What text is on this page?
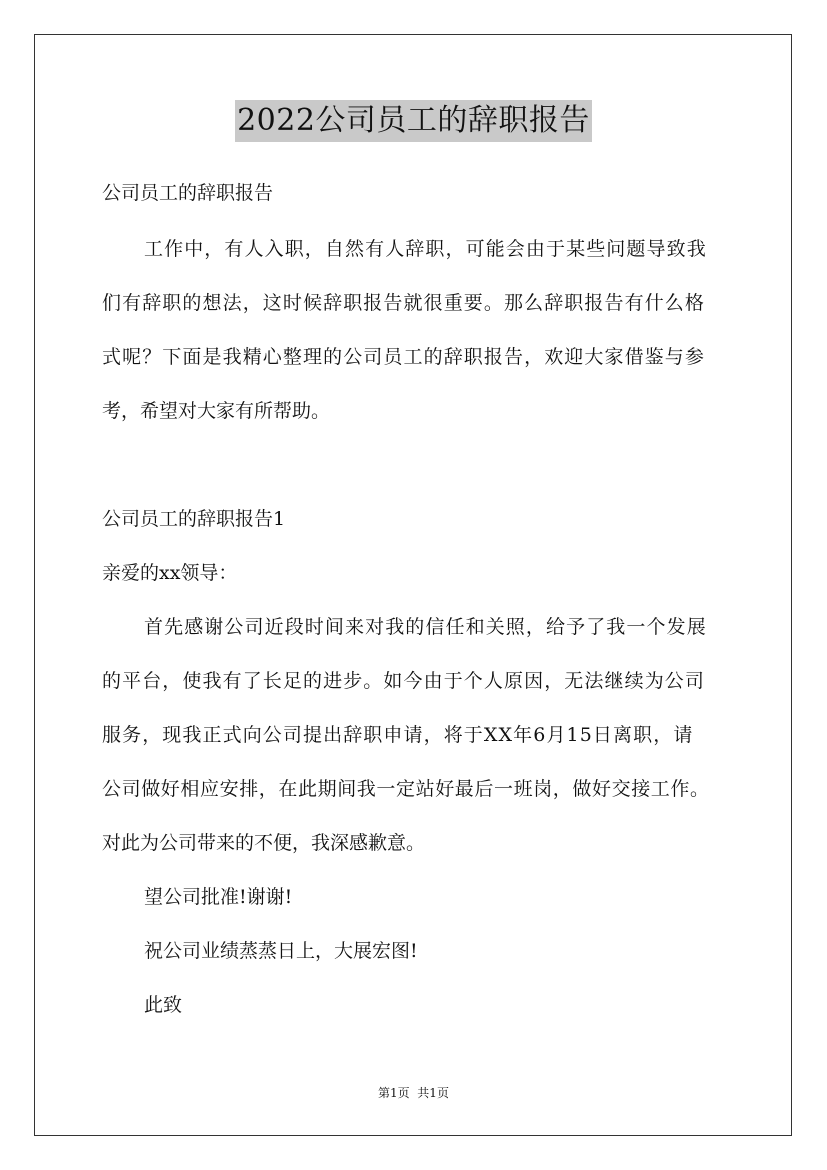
2022公司员工的辞职报告
公司员工的辞职报告
工作中，有人入职，自然有人辞职，可能会由于某些问题导致我
们有辞职的想法，这时候辞职报告就很重要。那么辞职报告有什么格
式呢？下面是我精心整理的公司员工的辞职报告，欢迎大家借鉴与参
考，希望对大家有所帮助。
公司员工的辞职报告1
亲爱的xx领导：
首先感谢公司近段时间来对我的信任和关照，给予了我一个发展
的平台，使我有了长足的进步。如今由于个人原因，无法继续为公司
服务，现我正式向公司提出辞职申请，将于XX年6月15日离职，请
公司做好相应安排，在此期间我一定站好最后一班岗，做好交接工作。
对此为公司带来的不便，我深感歉意。
望公司批准!谢谢!
祝公司业绩蒸蒸日上，大展宏图!
此致
第1页  共1页
